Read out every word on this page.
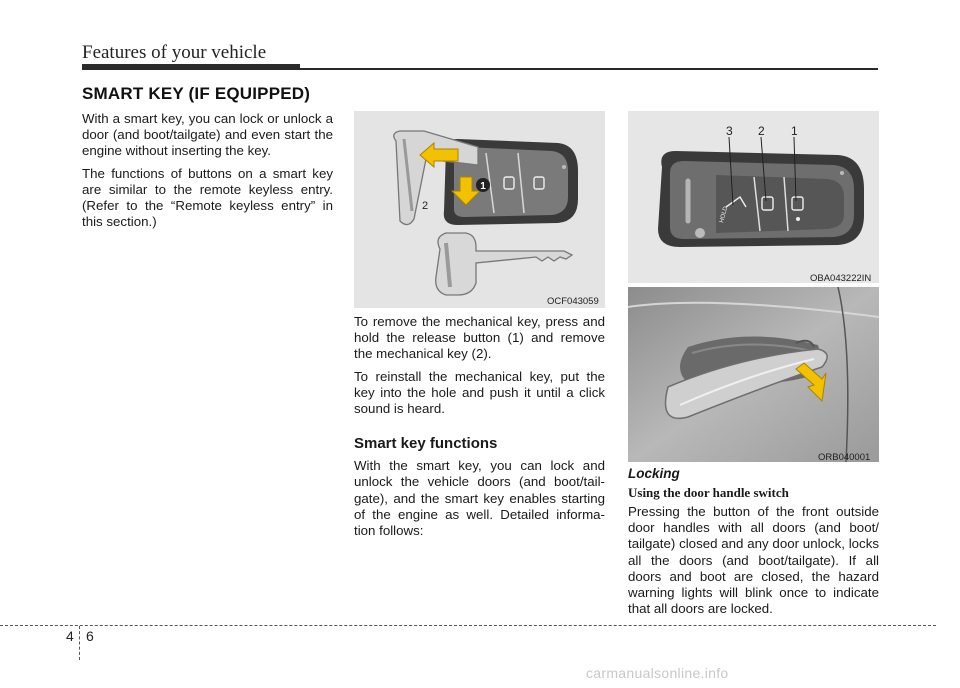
Features of your vehicle
SMART KEY (IF EQUIPPED)

With a smart key, you can lock or unlock a door (and boot/tailgate) and even start the engine without inserting the key.

The functions of buttons on a smart key are similar to the remote keyless entry. (Refer to the “Remote keyless entry” in this section.)

1
2
OCF043059

To remove the mechanical key, press and hold the release button (1) and remove the mechanical key (2).

To reinstall the mechanical key, put the key into the hole and push it until a click sound is heard.

Smart key functions

With the smart key, you can lock and unlock the vehicle doors (and boot/tail-gate), and the smart key enables starting of the engine as well. Detailed informa-tion follows:

HOLD
3 2 1
OBA043222IN
ORB040001
Locking
Using the door handle switch

Pressing the button of the front outside door handles with all doors (and boot/ tailgate) closed and any door unlock, locks all the doors (and boot/tailgate). If all doors and boot are closed, the hazard warning lights will blink once to indicate that all doors are locked.

4 6
carmanualsonline.info
